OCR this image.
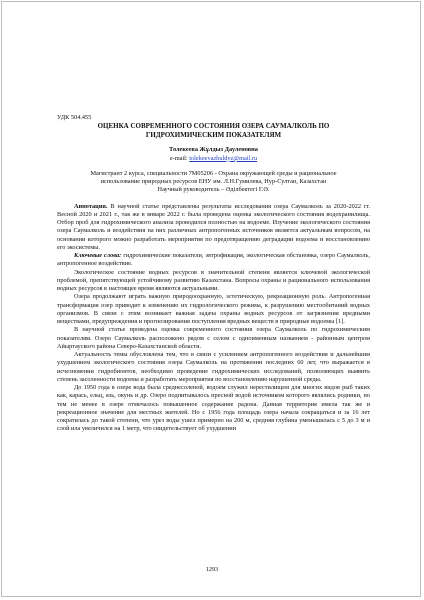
УДК 504.455

ОЦЕНКА СОВРЕМЕННОГО СОСТОЯНИЯ ОЗЕРА САУМАЛКОЛЬ ПО
ГИДРОХИМИЧЕСКИМ ПОКАЗАТЕЛЯМ

Толекеева Жұлдыз Дауленовна

e-mail: tolekeevazhuldyz@mail.ru

Магистрант 2 курса, специальности 7М05206 - Охрана окружающей среды и рациональное

использование природных ресурсов ЕНУ им. Л.Н.Гумилева, Нур-Султан, Казахстан

Научный руководитель – Әділбектегі Г.Ә.

Аннотация. В научной статье представлены результаты исследования озера Саумалколь за 2020-2022 гг. Весной 2020 и 2021 г., так же в январе 2022 г. была проведена оценка экологического состояния водохранилища. Отбор проб для гидрохимического анализа проводился полностью на водоеме. Изучение экологического состояния озера Саумалколь и воздействия на них различных антропогенных источников является актуальным вопросом, на основании которого можно разработать мероприятия по предотвращению деградации водоема и восстановлению его экосистемы.

Ключевые слова: гидрохимические показатели, эвтрофикация, экологическая обстановка, озеро Саумалколь, антропогенное воздействие.

Экологическое состояние водных ресурсов в значительной степени является ключевой экологической проблемой, препятствующей устойчивому развитию Казахстана. Вопросы охраны и рационального использования водных ресурсов в настоящее время являются актуальными.

Озера продолжают играть важную природоохранную, эстетическую, рекреационную роль. Антропогенная трансформация озер приводит к изменению их гидрологического режима, к разрушению местообитаний водных организмов. В связи с этим возникает важная задача охраны водных ресурсов от загрязнения вредными веществами, предупреждения и прогнозирования поступления вредных веществ в природные водоемы [1].

В научной статье проведена оценка современного состояния озера Саумалколь по гидрохимическим показателям. Озеро Саумалколь расположено рядом с селом с одноименным названием - районным центром Айыртауского района Северо-Казахстанской области.

Актуальность темы обусловлена тем, что в связи с усилением антропогенного воздействия и дальнейшим ухудшением экологического состояния озера Саумалколь на протяжении последних 60 лет, что выражается в исчезновении гидробионтов, необходимо проведение гидрохимических исследований, позволяющих выявить степень засоленности водоема и разработать мероприятия по восстановлению нарушенной среды.

До 1950 года в озере вода была среднесоленой, водоем служил нерестилищем для многих видов рыб таких как, карась, ельц, язь, окунь и др. Озеро подпитывалось пресной водой источником которого являлись родники, но тем не менее в озере отмечалось повышенное содержание радона. Данная территория имела так же и рекреационное значение для местных жителей. Но с 1956 года площадь озера начала сокращаться и за 16 лет сократилась до такой степени, что урез воды ушел примерно на 200 м, средняя глубина уменьшилась с 5 до 3 м и слой ила увеличился на 1 метр, что свидетельствует об ухудшении

1293
